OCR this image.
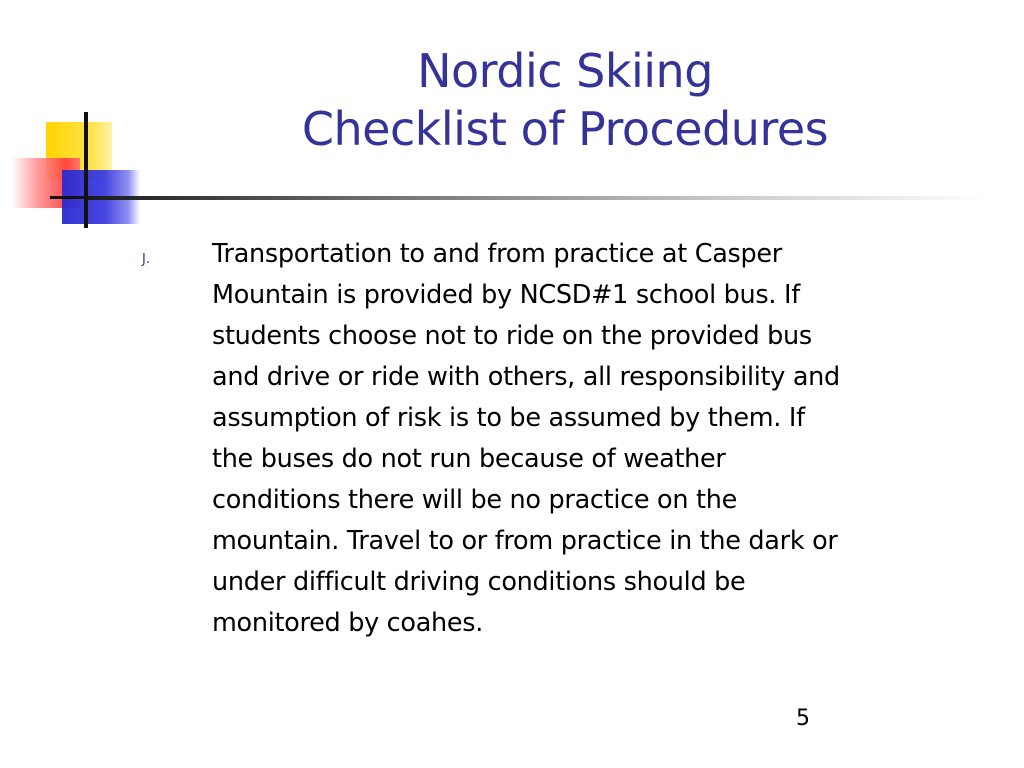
Nordic Skiing
Checklist of Procedures
J. Transportation to and from practice at Casper
Mountain is provided by NCSD#1 school bus. If
students choose not to ride on the provided bus
and drive or ride with others, all responsibility and
assumption of risk is to be assumed by them. If
the buses do not run because of weather
conditions there will be no practice on the
mountain. Travel to or from practice in the dark or
under difficult driving conditions should be
monitored by coahes.
5
